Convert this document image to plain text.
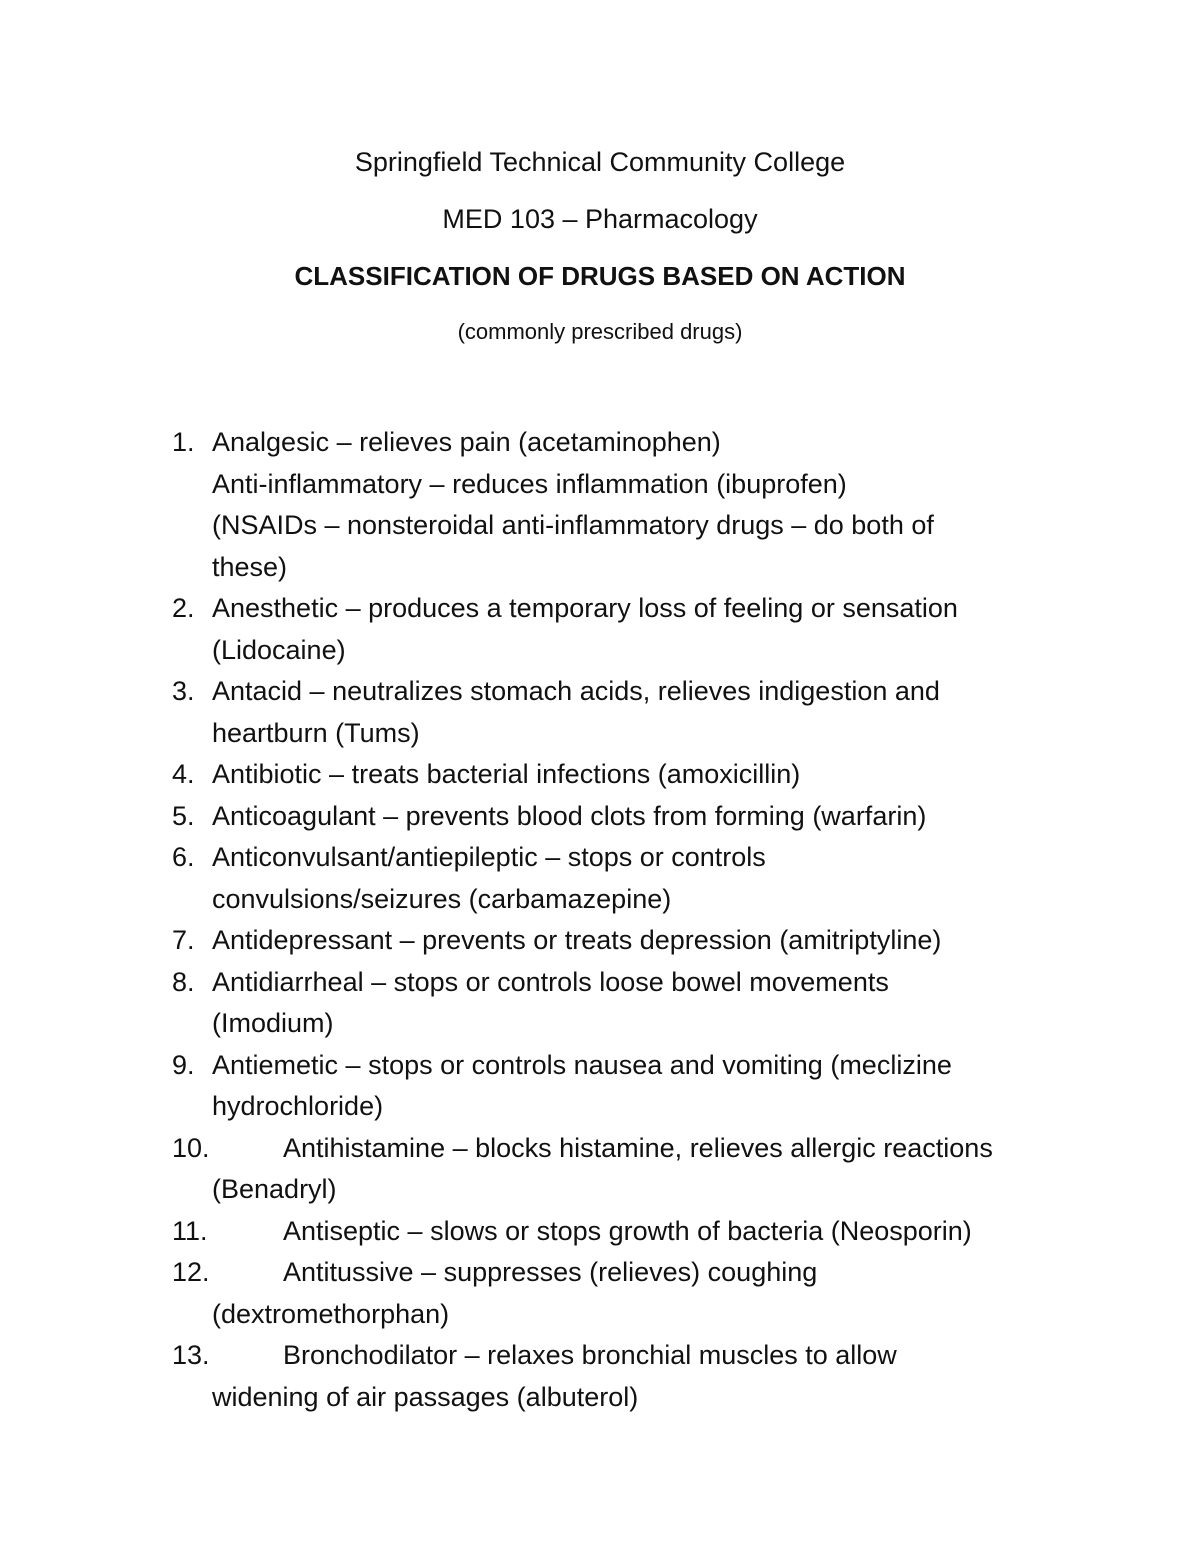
Springfield Technical Community College
MED 103 – Pharmacology
CLASSIFICATION OF DRUGS BASED ON ACTION
(commonly prescribed drugs)
1. Analgesic – relieves pain (acetaminophen)
Anti-inflammatory – reduces inflammation (ibuprofen)
(NSAIDs – nonsteroidal anti-inflammatory drugs – do both of
these)
2. Anesthetic – produces a temporary loss of feeling or sensation
(Lidocaine)
3. Antacid – neutralizes stomach acids, relieves indigestion and
heartburn (Tums)
4. Antibiotic – treats bacterial infections (amoxicillin)
5. Anticoagulant – prevents blood clots from forming (warfarin)
6. Anticonvulsant/antiepileptic – stops or controls
convulsions/seizures (carbamazepine)
7. Antidepressant – prevents or treats depression (amitriptyline)
8. Antidiarrheal – stops or controls loose bowel movements
(Imodium)
9. Antiemetic – stops or controls nausea and vomiting (meclizine
hydrochloride)
10.	Antihistamine – blocks histamine, relieves allergic reactions
(Benadryl)
11.	Antiseptic – slows or stops growth of bacteria (Neosporin)
12.	Antitussive – suppresses (relieves) coughing
(dextromethorphan)
13.	Bronchodilator – relaxes bronchial muscles to allow
widening of air passages (albuterol)
